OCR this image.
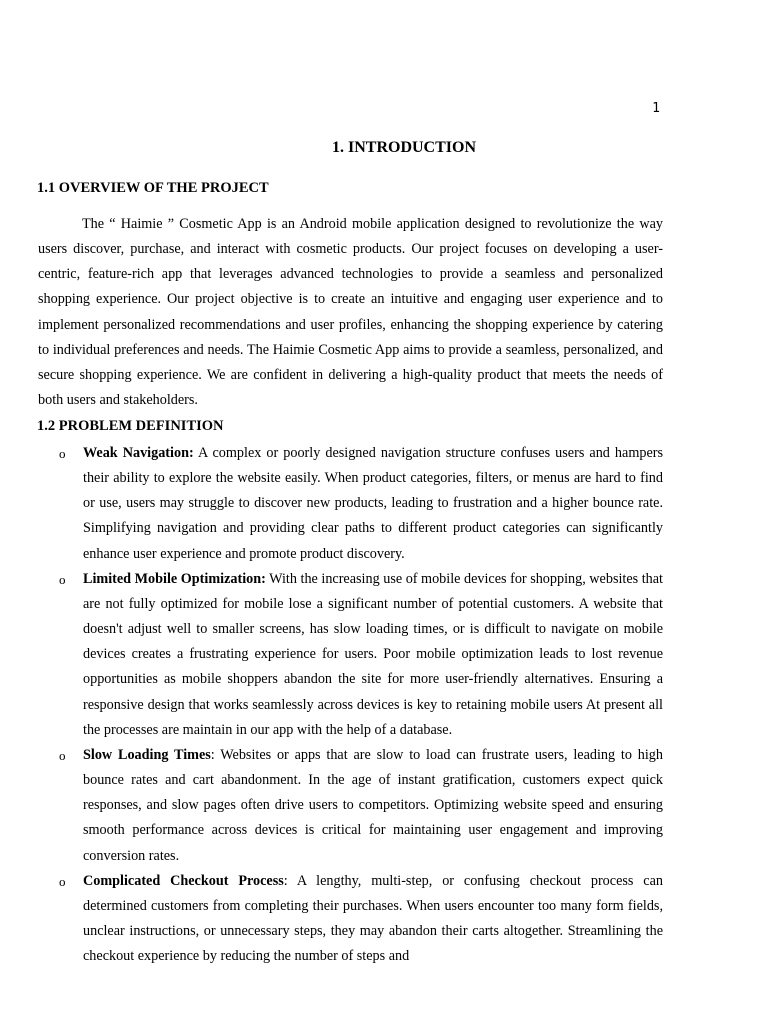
1
1. INTRODUCTION
1.1 OVERVIEW OF THE PROJECT

The “ Haimie ” Cosmetic App is an Android mobile application designed to revolutionize the way users discover, purchase, and interact with cosmetic products. Our project focuses on developing a user-centric, feature-rich app that leverages advanced technologies to provide a seamless and personalized shopping experience. Our project objective is to create an intuitive and engaging user experience and to implement personalized recommendations and user profiles, enhancing the shopping experience by catering to individual preferences and needs. The Haimie Cosmetic App aims to provide a seamless, personalized, and secure shopping experience. We are confident in delivering a high-quality product that meets the needs of both users and stakeholders.

1.2 PROBLEM DEFINITION
o Weak Navigation: A complex or poorly designed navigation structure confuses users and hampers their ability to explore the website easily. When product categories, filters, or menus are hard to find or use, users may struggle to discover new products, leading to frustration and a higher bounce rate. Simplifying navigation and providing clear paths to different product categories can significantly enhance user experience and promote product discovery.
o Limited Mobile Optimization: With the increasing use of mobile devices for shopping, websites that are not fully optimized for mobile lose a significant number of potential customers. A website that doesn't adjust well to smaller screens, has slow loading times, or is difficult to navigate on mobile devices creates a frustrating experience for users. Poor mobile optimization leads to lost revenue opportunities as mobile shoppers abandon the site for more user-friendly alternatives. Ensuring a responsive design that works seamlessly across devices is key to retaining mobile users At present all the processes are maintain in our app with the help of a database.
o Slow Loading Times: Websites or apps that are slow to load can frustrate users, leading to high bounce rates and cart abandonment. In the age of instant gratification, customers expect quick responses, and slow pages often drive users to competitors. Optimizing website speed and ensuring smooth performance across devices is critical for maintaining user engagement and improving conversion rates.
o Complicated Checkout Process: A lengthy, multi-step, or confusing checkout process can determined customers from completing their purchases. When users encounter too many form fields, unclear instructions, or unnecessary steps, they may abandon their carts altogether. Streamlining the checkout experience by reducing the number of steps and
